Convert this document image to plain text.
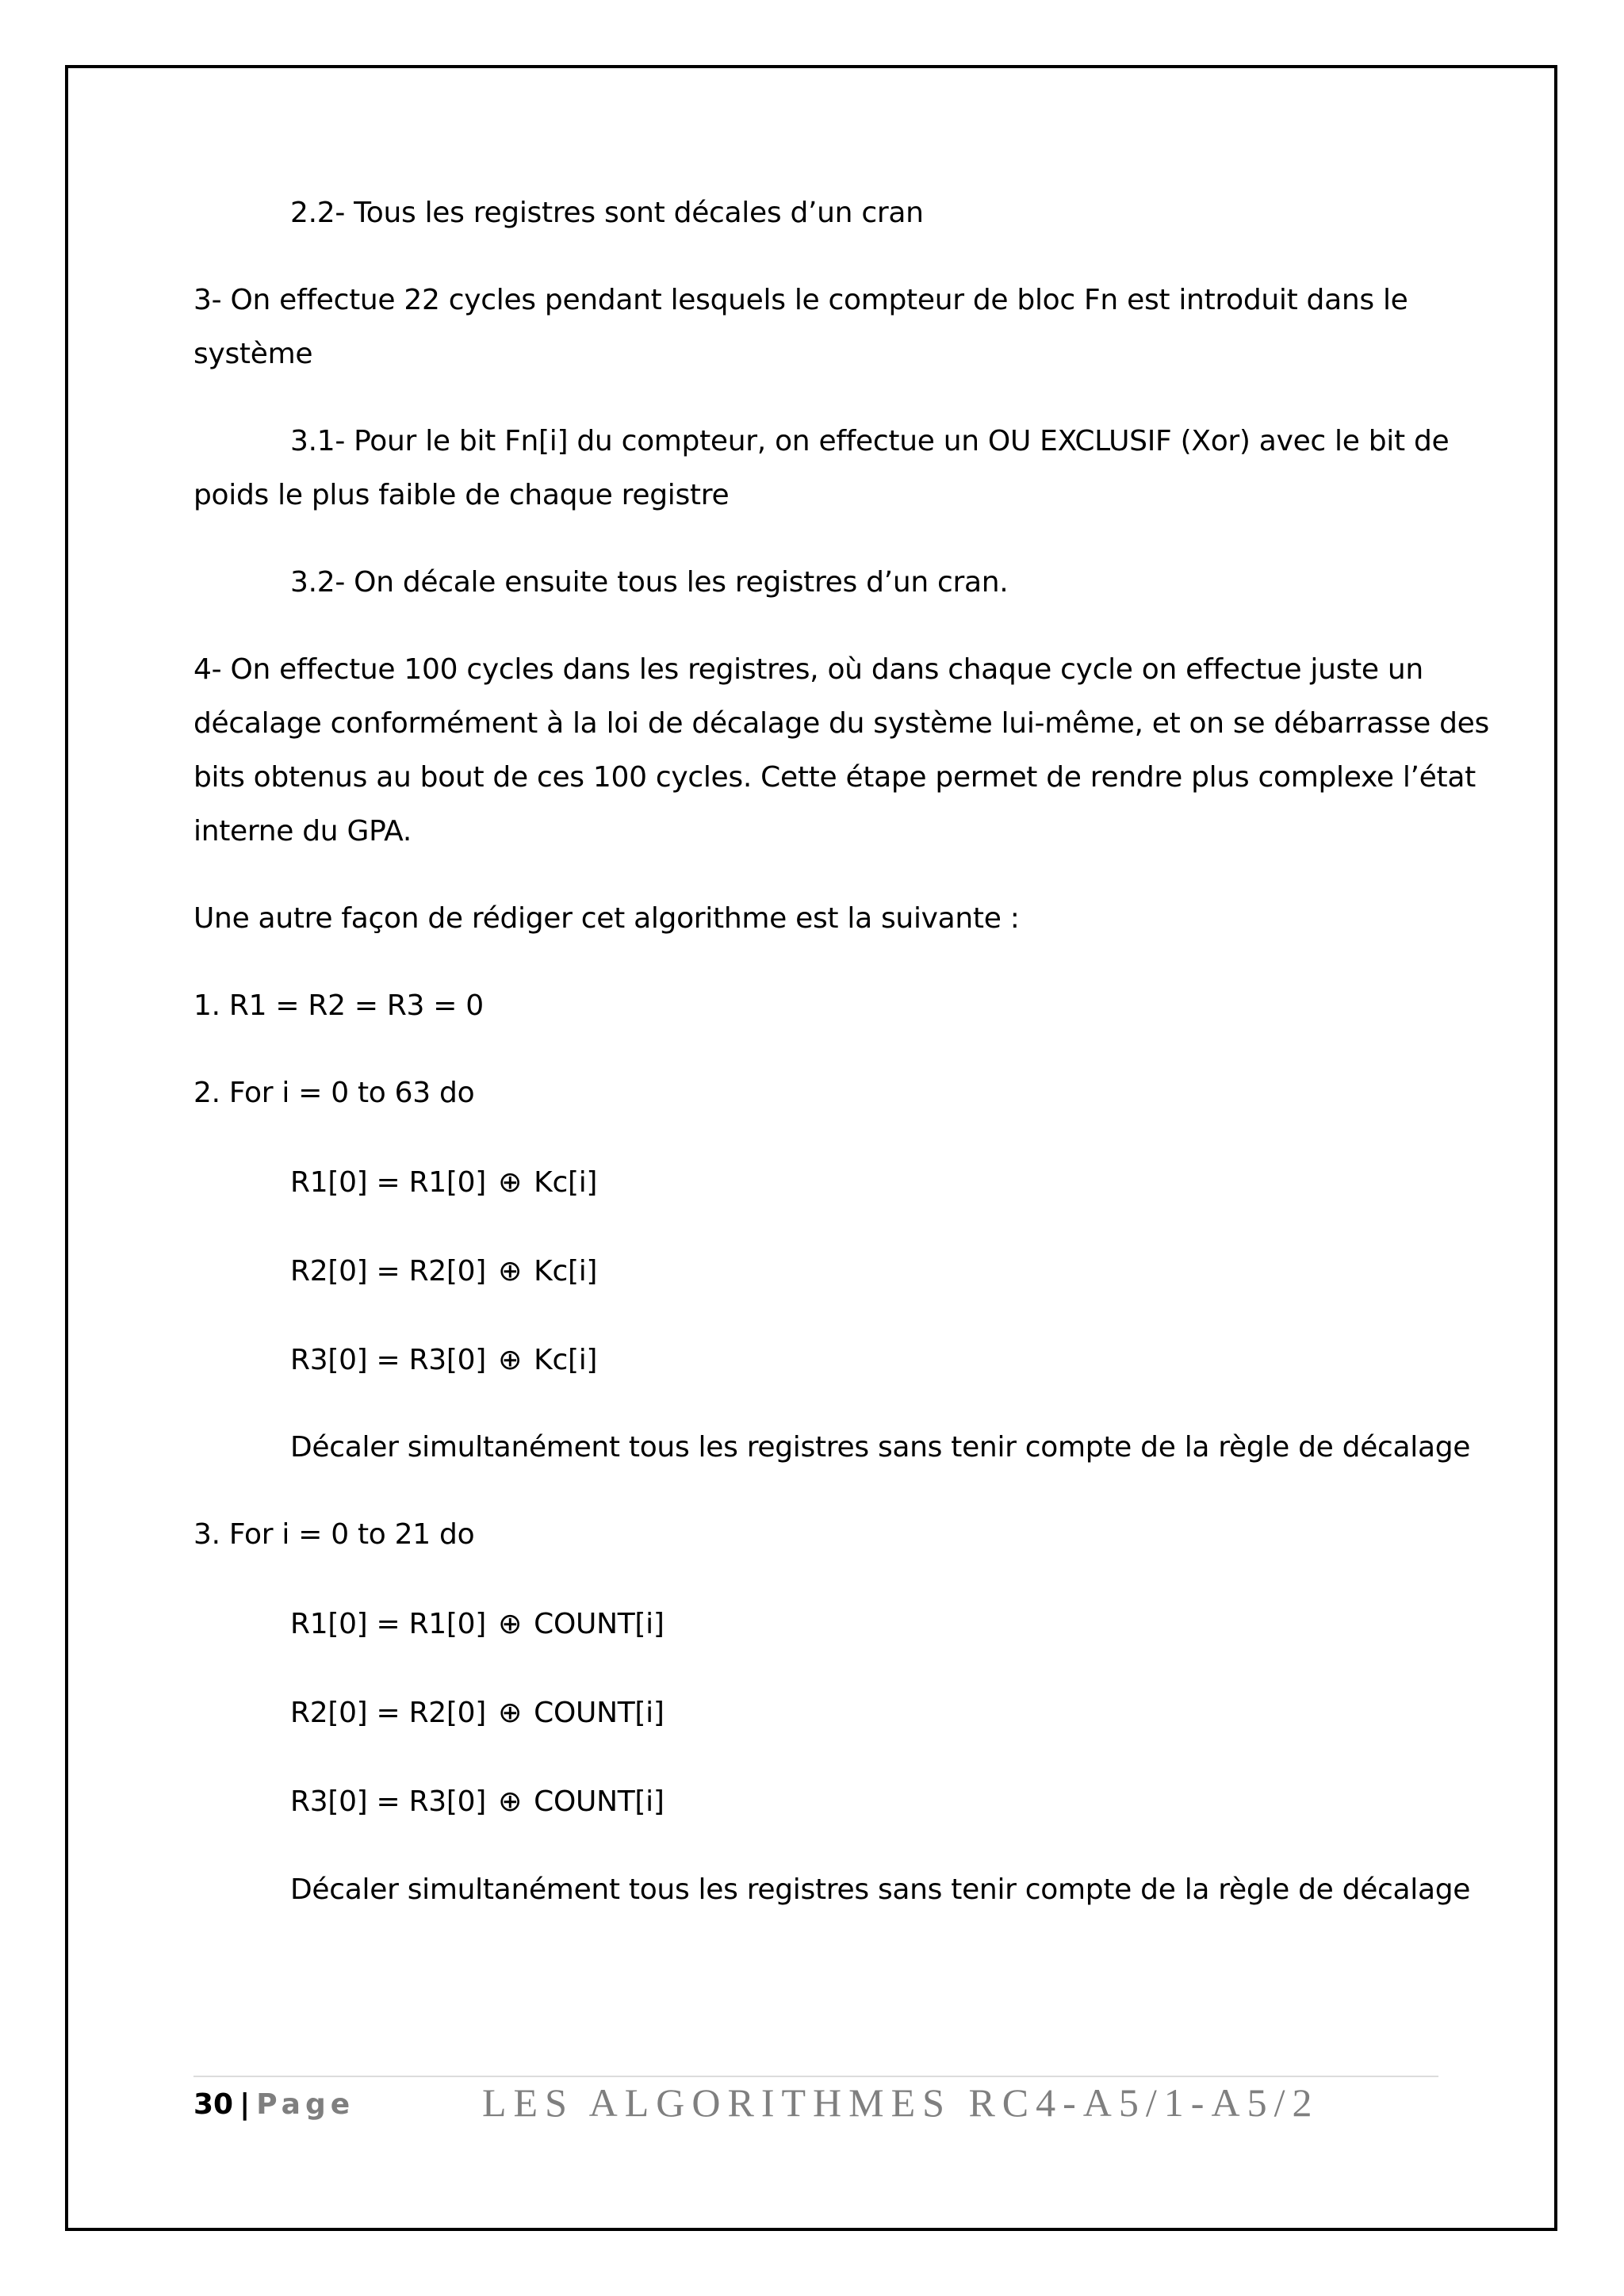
2.2- Tous les registres sont décales d’un cran
3- On effectue 22 cycles pendant lesquels le compteur de bloc Fn est introduit dans le
système
3.1- Pour le bit Fn[i] du compteur, on effectue un OU EXCLUSIF (Xor) avec le bit de
poids le plus faible de chaque registre
3.2- On décale ensuite tous les registres d’un cran.
4- On effectue 100 cycles dans les registres, où dans chaque cycle on effectue juste un
décalage conformément à la loi de décalage du système lui-même, et on se débarrasse des
bits obtenus au bout de ces 100 cycles. Cette étape permet de rendre plus complexe l’état
interne du GPA.
Une autre façon de rédiger cet algorithme est la suivante :
1. R1 = R2 = R3 = 0
2. For i = 0 to 63 do
R1[0] = R1[0] ⊕ Kc[i]
R2[0] = R2[0] ⊕ Kc[i]
R3[0] = R3[0] ⊕ Kc[i]
Décaler simultanément tous les registres sans tenir compte de la règle de décalage
3. For i = 0 to 21 do
R1[0] = R1[0] ⊕ COUNT[i]
R2[0] = R2[0] ⊕ COUNT[i]
R3[0] = R3[0] ⊕ COUNT[i]
Décaler simultanément tous les registres sans tenir compte de la règle de décalage
30 | Page	LES ALGORITHMES RC4-A5/1-A5/2
